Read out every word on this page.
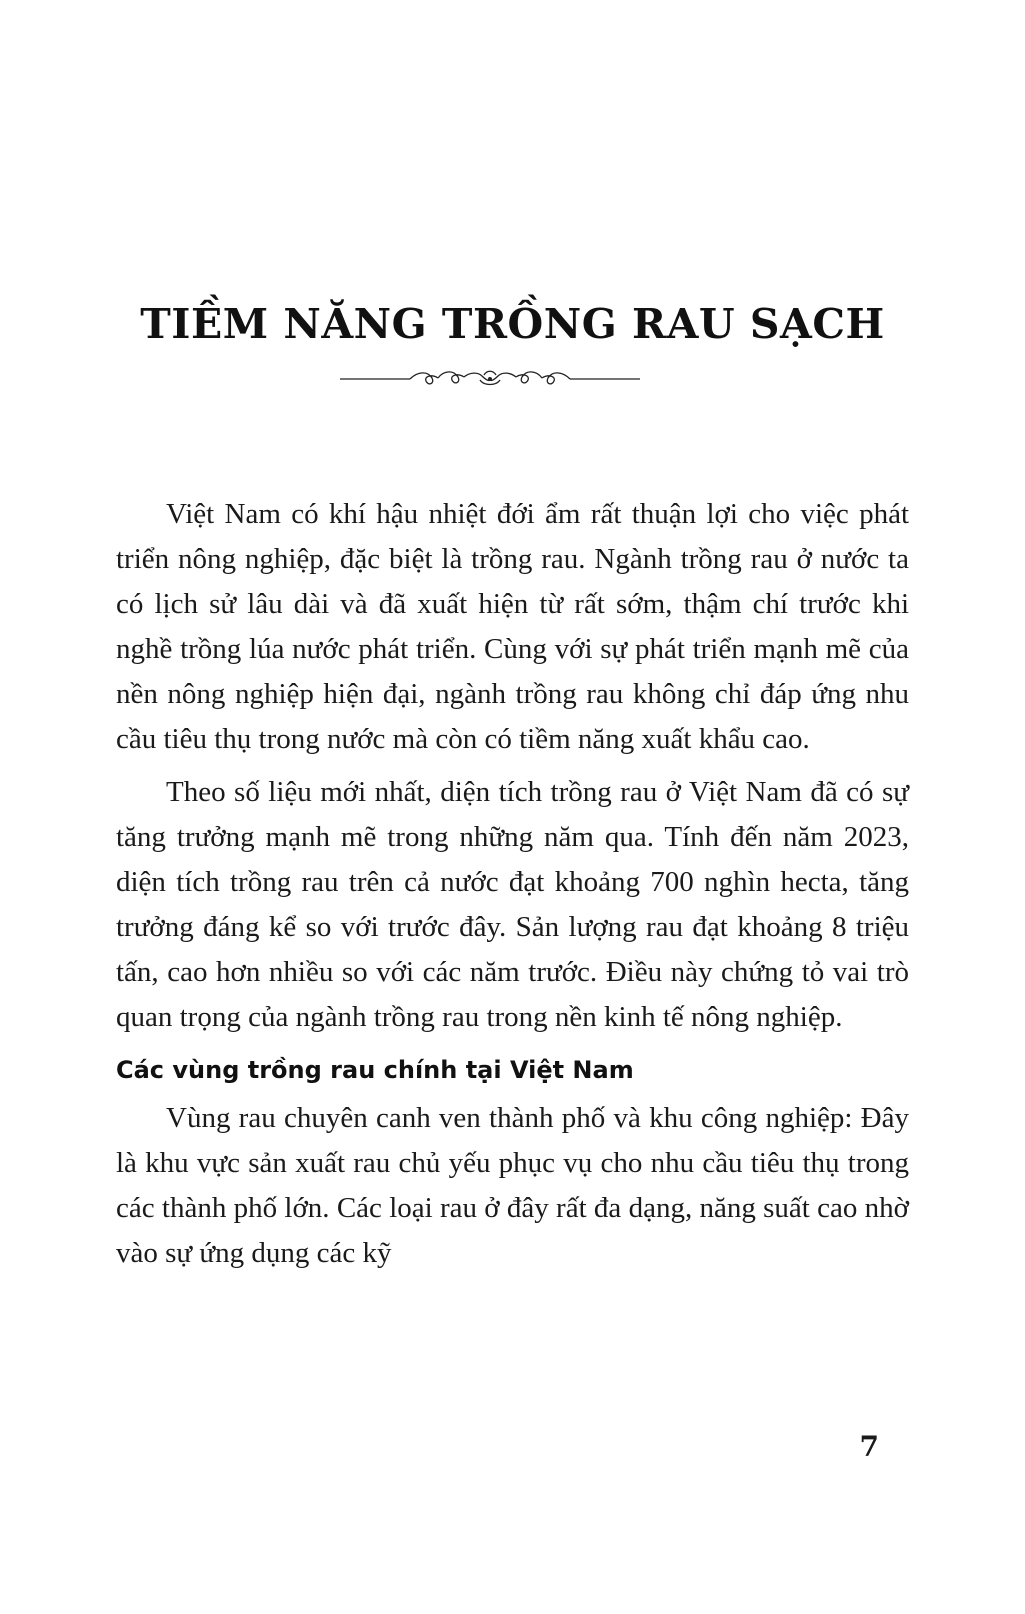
TIỀM NĂNG TRỒNG RAU SẠCH

Việt Nam có khí hậu nhiệt đới ẩm rất thuận lợi cho việc phát triển nông nghiệp, đặc biệt là trồng rau. Ngành trồng rau ở nước ta có lịch sử lâu dài và đã xuất hiện từ rất sớm, thậm chí trước khi nghề trồng lúa nước phát triển. Cùng với sự phát triển mạnh mẽ của nền nông nghiệp hiện đại, ngành trồng rau không chỉ đáp ứng nhu cầu tiêu thụ trong nước mà còn có tiềm năng xuất khẩu cao.

Theo số liệu mới nhất, diện tích trồng rau ở Việt Nam đã có sự tăng trưởng mạnh mẽ trong những năm qua. Tính đến năm 2023, diện tích trồng rau trên cả nước đạt khoảng 700 nghìn hecta, tăng trưởng đáng kể so với trước đây. Sản lượng rau đạt khoảng 8 triệu tấn, cao hơn nhiều so với các năm trước. Điều này chứng tỏ vai trò quan trọng của ngành trồng rau trong nền kinh tế nông nghiệp.

Các vùng trồng rau chính tại Việt Nam

Vùng rau chuyên canh ven thành phố và khu công nghiệp: Đây là khu vực sản xuất rau chủ yếu phục vụ cho nhu cầu tiêu thụ trong các thành phố lớn. Các loại rau ở đây rất đa dạng, năng suất cao nhờ vào sự ứng dụng các kỹ

7
